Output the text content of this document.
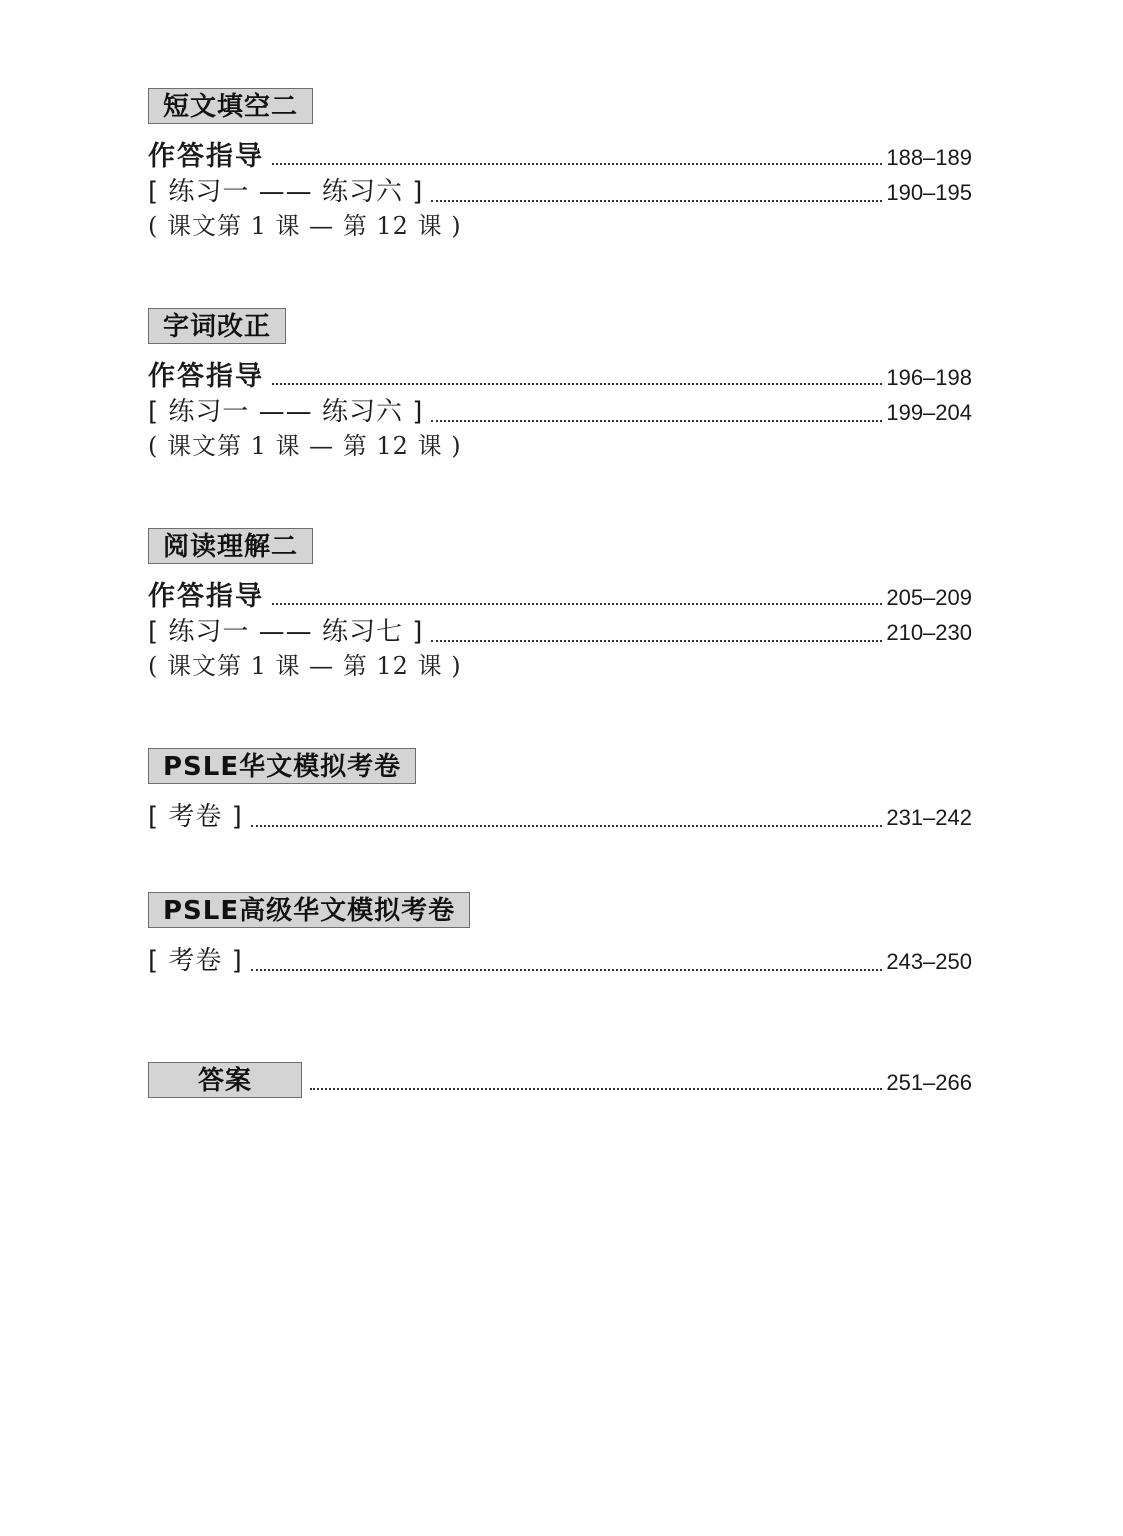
短文填空二
作答指导	188–189
[ 练习一 —— 练习六 ]	190–195
( 课文第 1 课 — 第 12 课 )
字词改正
作答指导	196–198
[ 练习一 —— 练习六 ]	199–204
( 课文第 1 课 — 第 12 课 )
阅读理解二
作答指导	205–209
[ 练习一 —— 练习七 ]	210–230
( 课文第 1 课 — 第 12 课 )
PSLE华文模拟考卷
[ 考卷 ]	231–242
PSLE高级华文模拟考卷
[ 考卷 ]	243–250
答案	251–266
